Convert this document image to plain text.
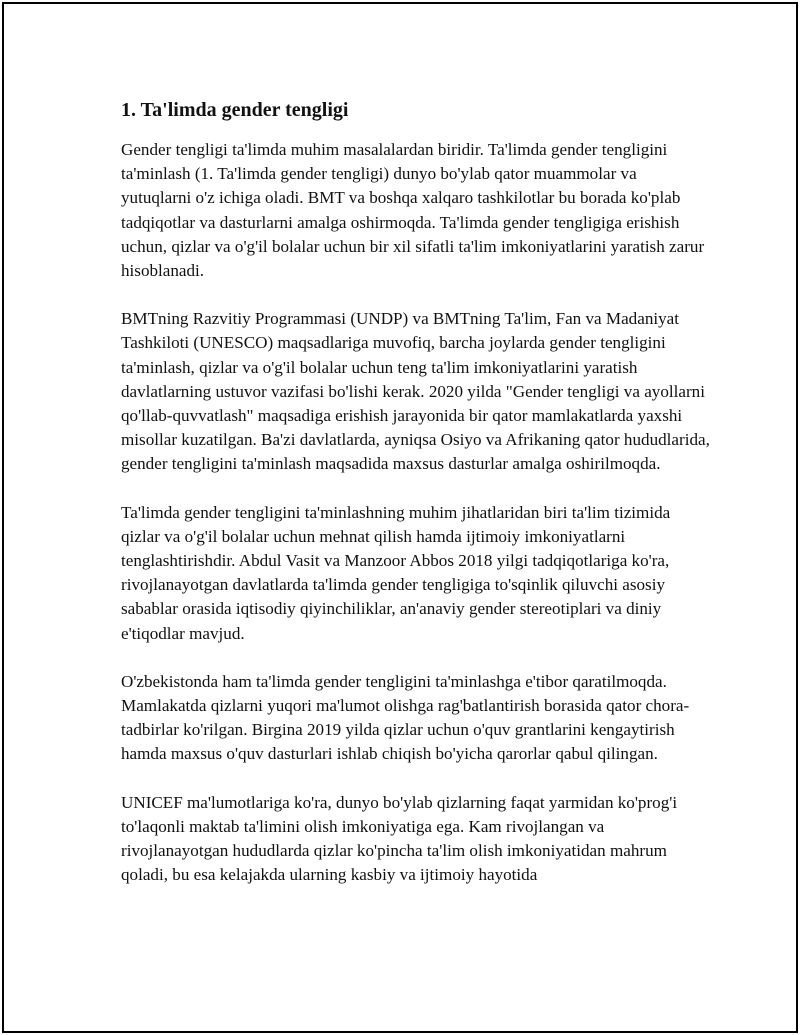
1. Ta'limda gender tengligi

Gender tengligi ta'limda muhim masalalardan biridir. Ta'limda gender tengligini ta'minlash (1. Ta'limda gender tengligi) dunyo bo'ylab qator muammolar va yutuqlarni o'z ichiga oladi. BMT va boshqa xalqaro tashkilotlar bu borada ko'plab tadqiqotlar va dasturlarni amalga oshirmoqda. Ta'limda gender tengligiga erishish uchun, qizlar va o'g'il bolalar uchun bir xil sifatli ta'lim imkoniyatlarini yaratish zarur hisoblanadi.

BMTning Razvitiy Programmasi (UNDP) va BMTning Ta'lim, Fan va Madaniyat Tashkiloti (UNESCO) maqsadlariga muvofiq, barcha joylarda gender tengligini ta'minlash, qizlar va o'g'il bolalar uchun teng ta'lim imkoniyatlarini yaratish davlatlarning ustuvor vazifasi bo'lishi kerak. 2020 yilda "Gender tengligi va ayollarni qo'llab-quvvatlash" maqsadiga erishish jarayonida bir qator mamlakatlarda yaxshi misollar kuzatilgan. Ba'zi davlatlarda, ayniqsa Osiyo va Afrikaning qator hududlarida, gender tengligini ta'minlash maqsadida maxsus dasturlar amalga oshirilmoqda.

Ta'limda gender tengligini ta'minlashning muhim jihatlaridan biri ta'lim tizimida qizlar va o'g'il bolalar uchun mehnat qilish hamda ijtimoiy imkoniyatlarni tenglashtirishdir. Abdul Vasit va Manzoor Abbos 2018 yilgi tadqiqotlariga ko'ra, rivojlanayotgan davlatlarda ta'limda gender tengligiga to'sqinlik qiluvchi asosiy sabablar orasida iqtisodiy qiyinchiliklar, an'anaviy gender stereotiplari va diniy e'tiqodlar mavjud.

O'zbekistonda ham ta'limda gender tengligini ta'minlashga e'tibor qaratilmoqda. Mamlakatda qizlarni yuqori ma'lumot olishga rag'batlantirish borasida qator chora-tadbirlar ko'rilgan. Birgina 2019 yilda qizlar uchun o'quv grantlarini kengaytirish hamda maxsus o'quv dasturlari ishlab chiqish bo'yicha qarorlar qabul qilingan.

UNICEF ma'lumotlariga ko'ra, dunyo bo'ylab qizlarning faqat yarmidan ko'prog'i to'laqonli maktab ta'limini olish imkoniyatiga ega. Kam rivojlangan va rivojlanayotgan hududlarda qizlar ko'pincha ta'lim olish imkoniyatidan mahrum qoladi, bu esa kelajakda ularning kasbiy va ijtimoiy hayotida
